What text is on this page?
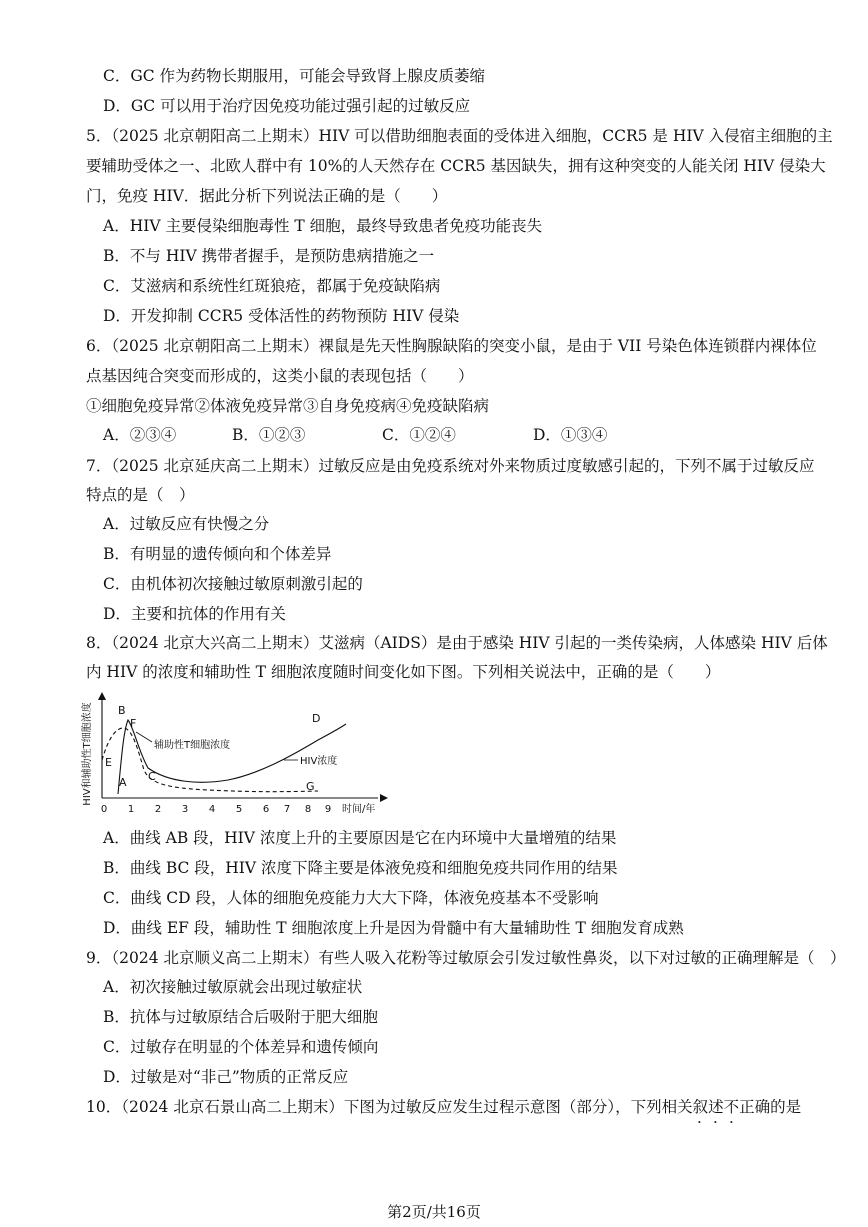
C．GC 作为药物长期服用，可能会导致肾上腺皮质萎缩
D．GC 可以用于治疗因免疫功能过强引起的过敏反应
5．（2025 北京朝阳高二上期末）HIV 可以借助细胞表面的受体进入细胞，CCR5 是 HIV 入侵宿主细胞的主
要辅助受体之一、北欧人群中有 10%的人天然存在 CCR5 基因缺失，拥有这种突变的人能关闭 HIV 侵染大
门，免疫 HIV．据此分析下列说法正确的是（　　）
A．HIV 主要侵染细胞毒性 T 细胞，最终导致患者免疫功能丧失
B．不与 HIV 携带者握手，是预防患病措施之一
C．艾滋病和系统性红斑狼疮，都属于免疫缺陷病
D．开发抑制 CCR5 受体活性的药物预防 HIV 侵染
6．（2025 北京朝阳高二上期末）裸鼠是先天性胸腺缺陷的突变小鼠，是由于 VII 号染色体连锁群内裸体位
点基因纯合突变而形成的，这类小鼠的表现包括（　　）
①细胞免疫异常②体液免疫异常③自身免疫病④免疫缺陷病
A．②③④	B．①②③	C．①②④	D．①③④
7．（2025 北京延庆高二上期末）过敏反应是由免疫系统对外来物质过度敏感引起的，下列不属于过敏反应
特点的是（　）
A．过敏反应有快慢之分
B．有明显的遗传倾向和个体差异
C．由机体初次接触过敏原刺激引起的
D．主要和抗体的作用有关
8．（2024 北京大兴高二上期末）艾滋病（AIDS）是由于感染 HIV 引起的一类传染病，人体感染 HIV 后体
内 HIV 的浓度和辅助性 T 细胞浓度随时间变化如下图。下列相关说法中，正确的是（　　）
HIV和辅助性T细胞浓度
时间/年
0 1 2 3 4 5 6 7 8 9
辅助性T细胞浓度
HIV浓度
A
B
C
D
E
F
G
A．曲线 AB 段，HIV 浓度上升的主要原因是它在内环境中大量增殖的结果
B．曲线 BC 段，HIV 浓度下降主要是体液免疫和细胞免疫共同作用的结果
C．曲线 CD 段，人体的细胞免疫能力大大下降，体液免疫基本不受影响
D．曲线 EF 段，辅助性 T 细胞浓度上升是因为骨髓中有大量辅助性 T 细胞发育成熟
9．（2024 北京顺义高二上期末）有些人吸入花粉等过敏原会引发过敏性鼻炎，以下对过敏的正确理解是（　）
A．初次接触过敏原就会出现过敏症状
B．抗体与过敏原结合后吸附于肥大细胞
C．过敏存在明显的个体差异和遗传倾向
D．过敏是对“非己”物质的正常反应
10．（2024 北京石景山高二上期末）下图为过敏反应发生过程示意图（部分），下列相关叙述不正确的是
· · ·
第2页/共16页
